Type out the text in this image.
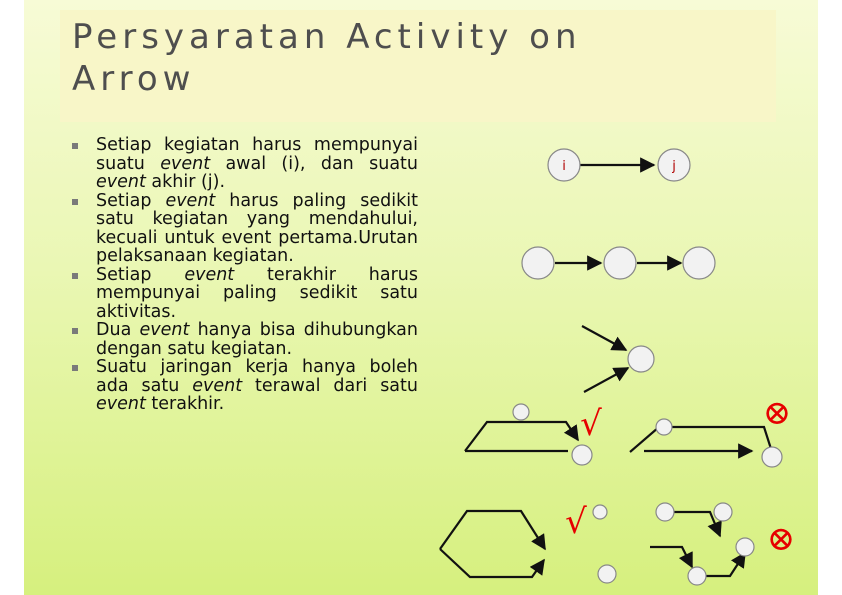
Persyaratan Activity on Arrow
Setiap kegiatan harus mempunyai suatu event awal (i), dan suatu event akhir (j).
Setiap event harus paling sedikit satu kegiatan yang mendahului, kecuali untuk event pertama.Urutan pelaksanaan kegiatan.
Setiap event terakhir harus mempunyai paling sedikit satu aktivitas.
Dua event hanya bisa dihubungkan dengan satu kegiatan.
Suatu jaringan kerja hanya boleh ada satu event terawal dari satu event terakhir.
i	j
√
√
⊗
⊗
